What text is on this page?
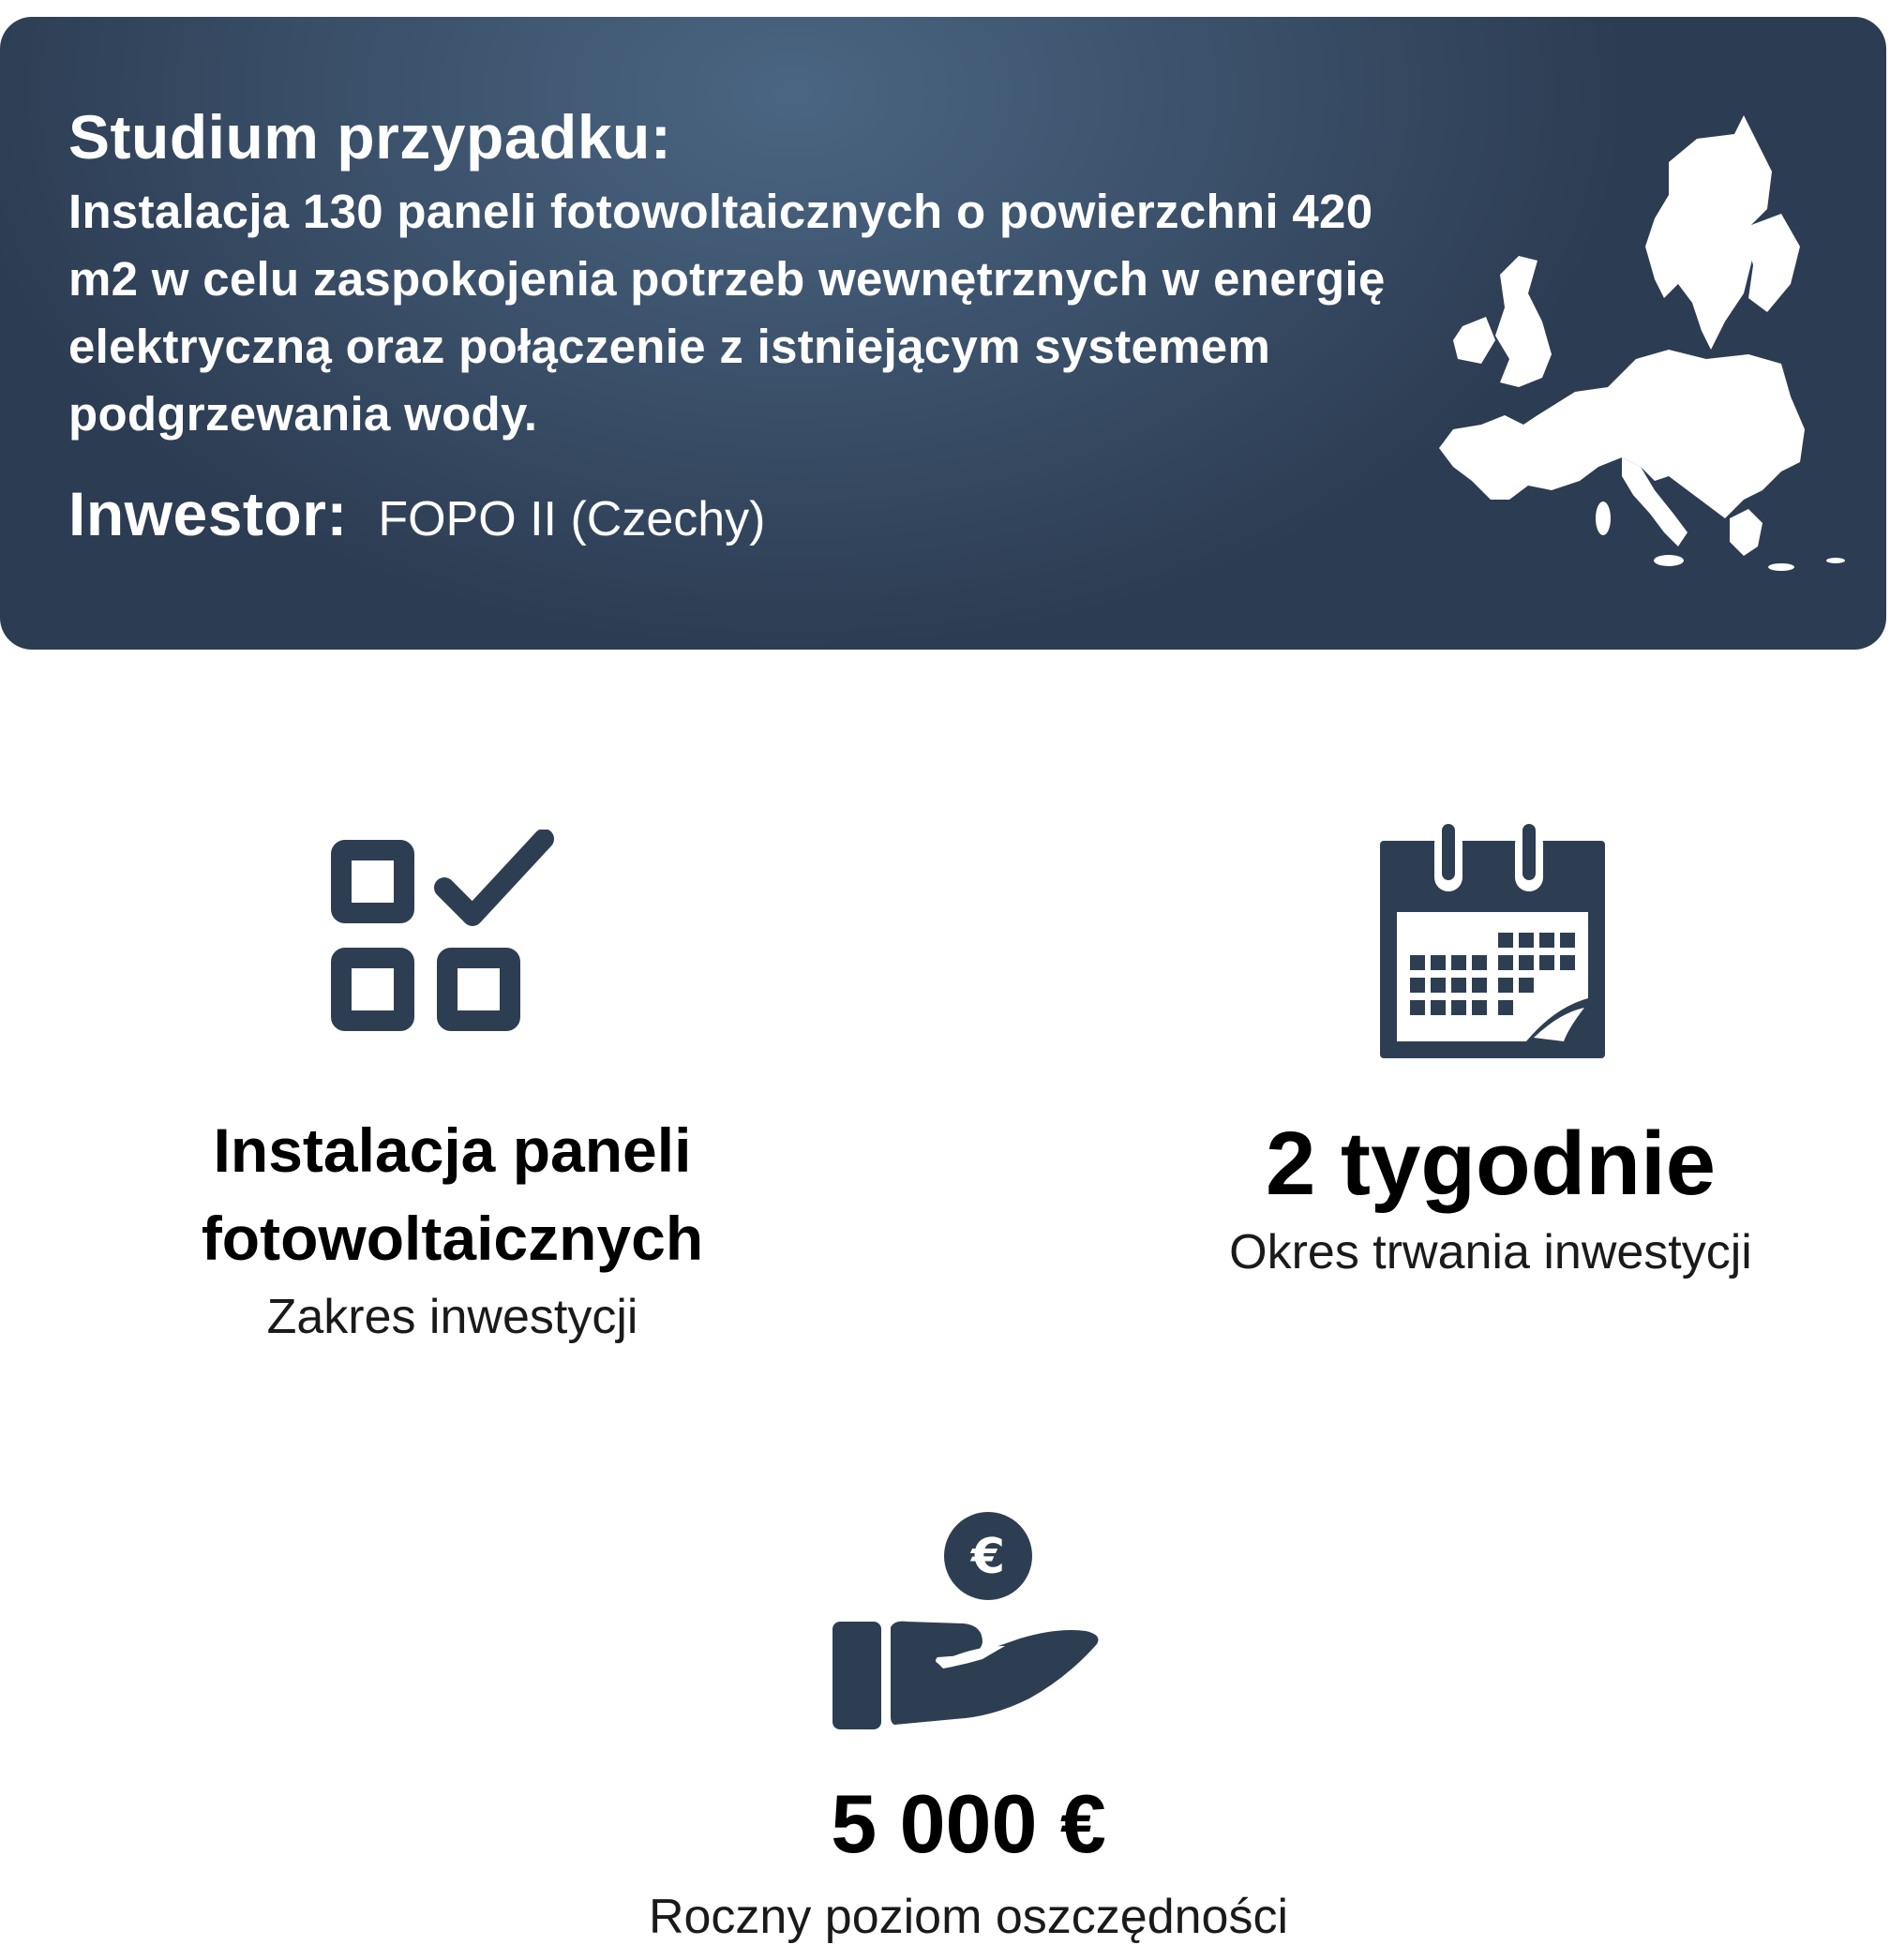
Studium przypadku:

Instalacja 130 paneli fotowoltaicznych o powierzchni 420 m2 w celu zaspokojenia potrzeb wewnętrznych w energię elektryczną oraz połączenie z istniejącym systemem podgrzewania wody.

Inwestor: FOPO II (Czechy)

Instalacja paneli fotowoltaicznych

Zakres inwestycji

2 tygodnie

Okres trwania inwestycji

€

5 000 €

Roczny poziom oszczędności
